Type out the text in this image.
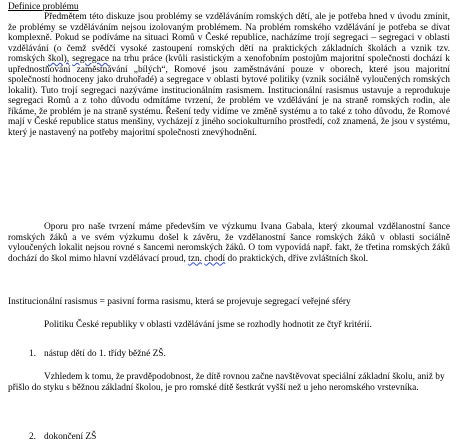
Definice problému

Předmětem této diskuze jsou problémy se vzděláváním romských dětí, ale je potřeba hned v úvodu zmínit, že problémy se vzděláváním nejsou izolovaným problémem. Na problém romského vzdělávání je potřeba se dívat komplexně. Pokud se podíváme na situaci Romů v České republice, nacházíme trojí segregaci – segregaci v oblasti vzdělávání (o čemž svědčí vysoké zastoupení romských dětí na praktických základních školách a vznik tzv. romských škol), segregace na trhu práce (kvůli rasistickým a xenofobním postojům majoritní společnosti dochází k upřednostňování zaměstnávání „bílých“, Romové jsou zaměstnávání pouze v oborech, které jsou majoritní společností hodnoceny jako druhořadé) a segregace v oblasti bytové politiky (vznik sociálně vyloučených romských lokalit). Tuto trojí segregaci nazýváme institucionálním rasismem. Institucionální rasismus ustavuje a reprodukuje segregaci Romů a z toho důvodu odmítáme tvrzení, že problém ve vzdělávání je na straně romských rodin, ale říkáme, že problém je na straně systému. Řešení tedy vidíme ve změně systému a to také z toho důvodu, že Romové mají v České republice status menšiny, vycházejí z jiného sociokulturního prostředí, což znamená, že jsou v systému, který je nastavený na potřeby majoritní společnosti znevýhodnění.

Oporu pro naše tvrzení máme především ve výzkumu Ivana Gabala, který zkoumal vzdělanostní šance romských žáků a ve svém výzkumu došel k závěru, že vzdělanostní šance romských žáků v oblasti sociálně vyloučených lokalit nejsou rovné s šancemi neromských žáků. O tom vypovídá např. fakt, že třetina romských žáků dochází do škol mimo hlavní vzdělávací proud, tzn. chodí do praktických, dříve zvláštních škol.

Institucionální rasismus = pasivní forma rasismu, která se projevuje segregací veřejné sféry

Politiku České republiky v oblasti vzdělávání jsme se rozhodly hodnotit ze čtyř kritérií.

1. nástup dětí do 1. třídy běžné ZŠ.

Vzhledem k tomu, že pravděpodobnost, že dítě rovnou začne navštěvovat speciální základní školu, aniž by přišlo do styku s běžnou základní školou, je pro romské dítě šestkrát vyšší než u jeho neromského vrstevníka.

2. dokončení ZŠ
